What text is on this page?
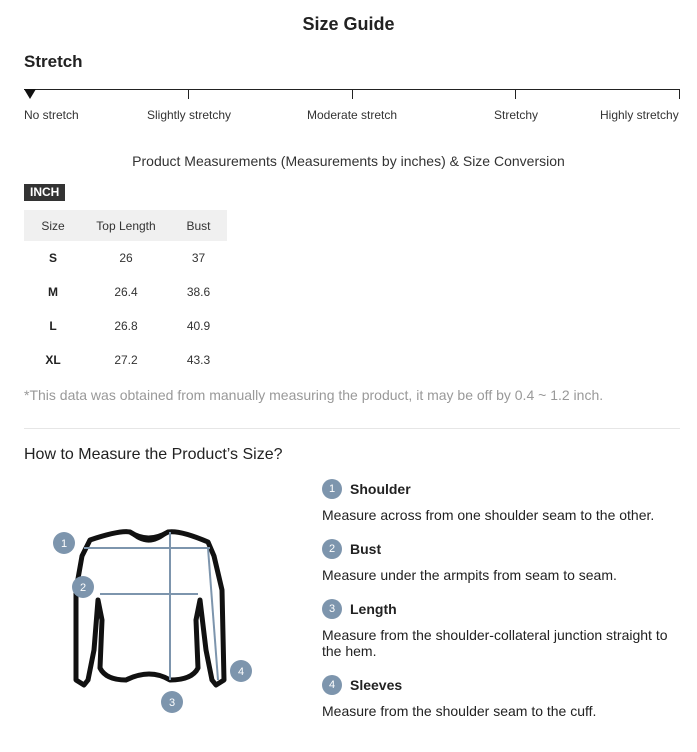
Size Guide
Stretch
No stretch	Slightly stretchy	Moderate stretch	Stretchy	Highly stretchy
Product Measurements (Measurements by inches) & Size Conversion
INCH
Size	Top Length	Bust
S	26	37
M	26.4	38.6
L	26.8	40.9
XL	27.2	43.3
*This data was obtained from manually measuring the product, it may be off by 0.4 ~ 1.2 inch.
How to Measure the Product’s Size?
1
2
3
4
1	Shoulder
Measure across from one shoulder seam to the other.
2	Bust
Measure under the armpits from seam to seam.
3	Length
Measure from the shoulder-collateral junction straight to the hem.
4	Sleeves
Measure from the shoulder seam to the cuff.
